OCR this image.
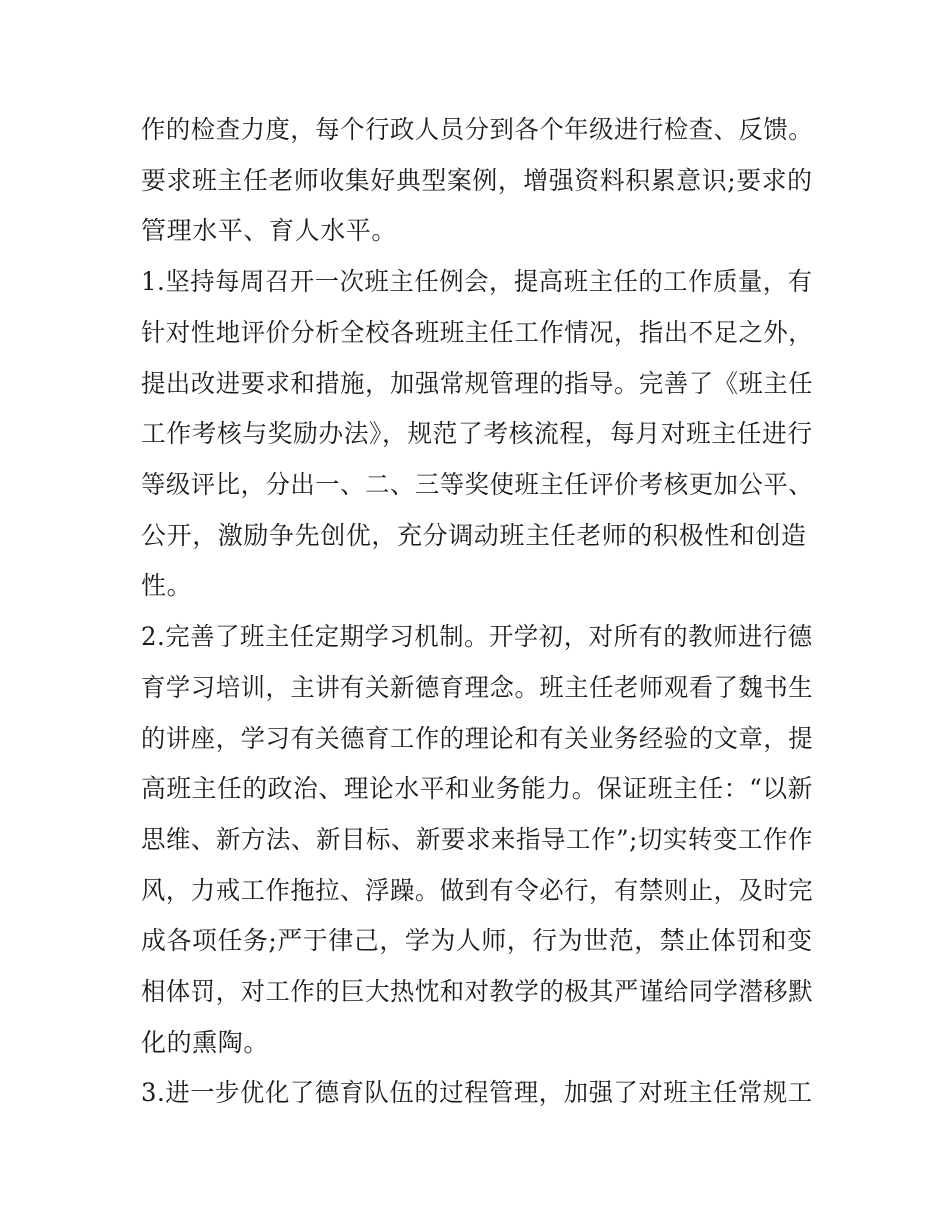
作的检查力度，每个行政人员分到各个年级进行检查、反馈。
要求班主任老师收集好典型案例，增强资料积累意识;要求的
管理水平、育人水平。
1.坚持每周召开一次班主任例会，提高班主任的工作质量，有
针对性地评价分析全校各班班主任工作情况，指出不足之外，
提出改进要求和措施，加强常规管理的指导。完善了《班主任
工作考核与奖励办法》，规范了考核流程，每月对班主任进行
等级评比，分出一、二、三等奖使班主任评价考核更加公平、
公开，激励争先创优，充分调动班主任老师的积极性和创造
性。
2.完善了班主任定期学习机制。开学初，对所有的教师进行德
育学习培训，主讲有关新德育理念。班主任老师观看了魏书生
的讲座，学习有关德育工作的理论和有关业务经验的文章，提
高班主任的政治、理论水平和业务能力。保证班主任：“以新
思维、新方法、新目标、新要求来指导工作”;切实转变工作作
风，力戒工作拖拉、浮躁。做到有令必行，有禁则止，及时完
成各项任务;严于律己，学为人师，行为世范，禁止体罚和变
相体罚，对工作的巨大热忱和对教学的极其严谨给同学潜移默
化的熏陶。
3.进一步优化了德育队伍的过程管理，加强了对班主任常规工
